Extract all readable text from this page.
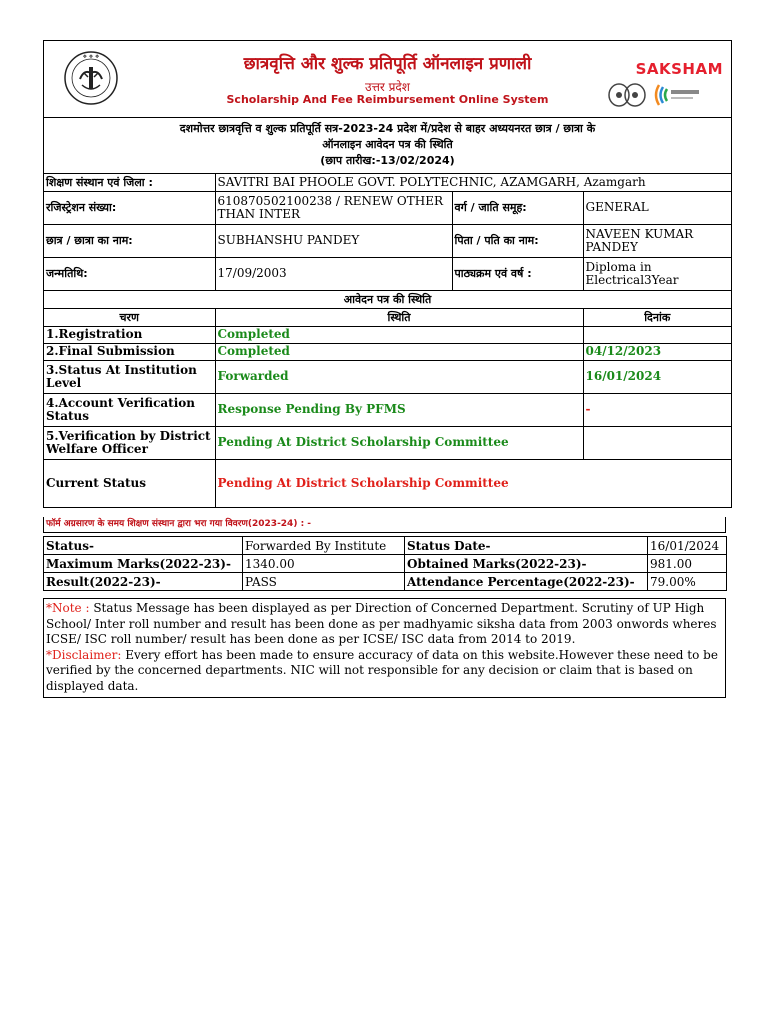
❖ ❖ ❖	छात्रवृत्ति और शुल्क प्रतिपूर्ति ऑनलाइन प्रणाली
उत्तर प्रदेश
Scholarship And Fee Reimbursement Online System
SAKSHAM
दशमोत्तर छात्रवृत्ति व शुल्क प्रतिपूर्ति सत्र-2023-24 प्रदेश में/प्रदेश से बाहर अध्ययनरत छात्र / छात्रा के
ऑनलाइन आवेदन पत्र की स्थिति
(छाप तारीख:-13/02/2024)
शिक्षण संस्थान एवं जिला :	SAVITRI BAI PHOOLE GOVT. POLYTECHNIC, AZAMGARH, Azamgarh		
रजिस्ट्रेशन संख्या:	610870502100238 / RENEW OTHER THAN INTER	वर्ग / जाति समूह:	GENERAL
छात्र / छात्रा का नाम:	SUBHANSHU PANDEY	पिता / पति का नाम:	NAVEEN KUMAR PANDEY
जन्मतिथि:	17/09/2003	पाठ्यक्रम एवं वर्ष :	Diploma in Electrical3Year
आवेदन पत्र की स्थिति			
चरण	स्थिति		दिनांक
1.Registration	Completed		
2.Final Submission	Completed		04/12/2023
3.Status At Institution Level	Forwarded		16/01/2024
4.Account Verification Status	Response Pending By PFMS		-
5.Verification by District Welfare Officer	Pending At District Scholarship Committee		
Current Status	Pending At District Scholarship Committee		
फॉर्म अग्रसारण के समय शिक्षण संस्थान द्वारा भरा गया विवरण(2023-24) : -
Status-	Forwarded By Institute	Status Date-	16/01/2024
Maximum Marks(2022-23)-	1340.00	Obtained Marks(2022-23)-	981.00
Result(2022-23)-	PASS	Attendance Percentage(2022-23)-	79.00%
*Note : Status Message has been displayed as per Direction of Concerned Department. Scrutiny of UP High School/ Inter roll number and result has been done as per madhyamic siksha data from 2003 onwords wheres ICSE/ ISC roll number/ result has been done as per ICSE/ ISC data from 2014 to 2019.
*Disclaimer: Every effort has been made to ensure accuracy of data on this website.However these need to be verified by the concerned departments. NIC will not responsible for any decision or claim that is based on displayed data.
